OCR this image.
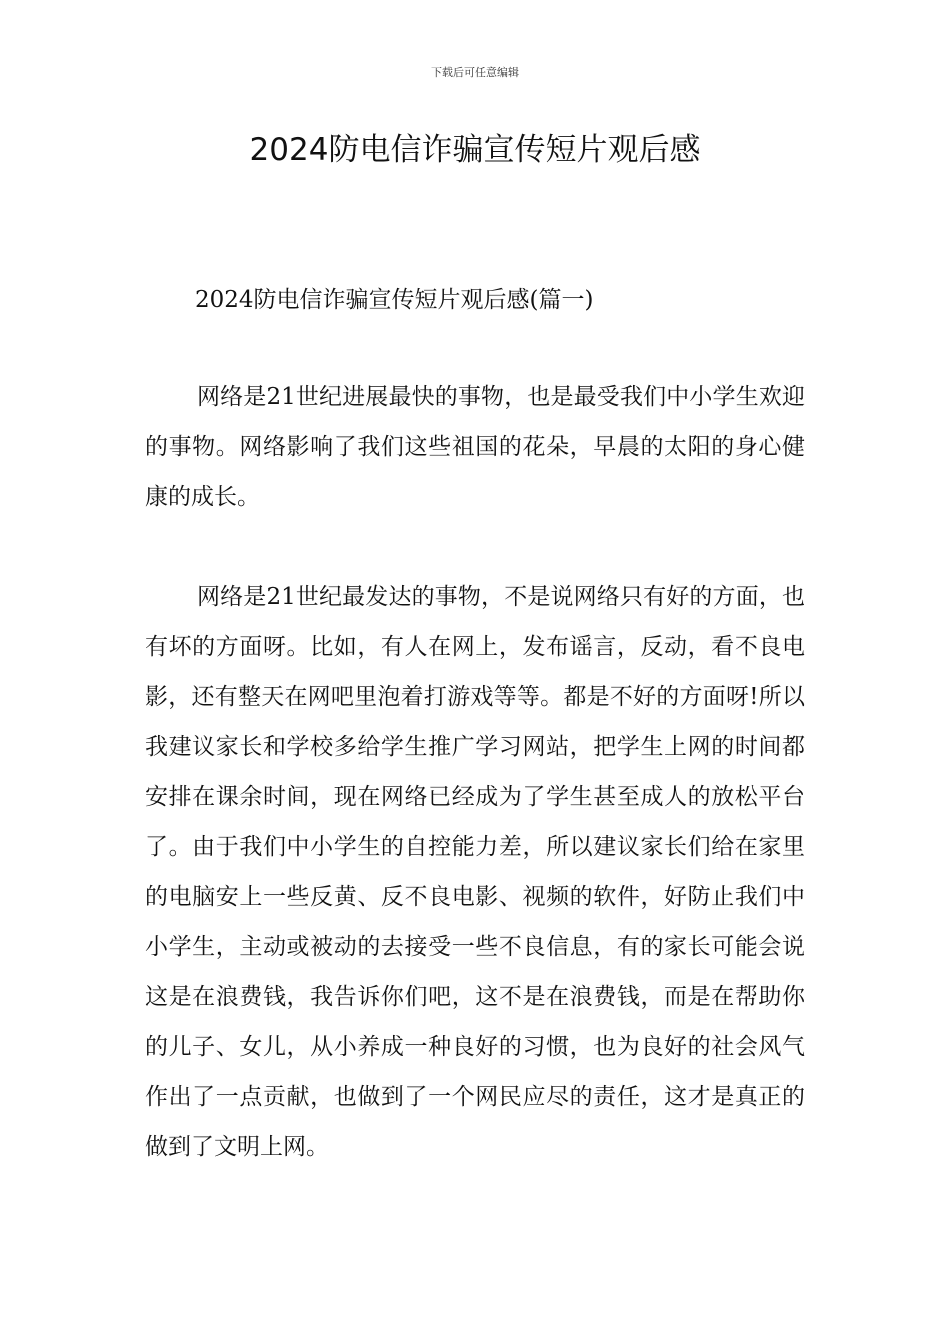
下载后可任意编辑
2024防电信诈骗宣传短片观后感
2024防电信诈骗宣传短片观后感(篇一)

网络是21世纪进展最快的事物，也是最受我们中小学生欢迎的事物。网络影响了我们这些祖国的花朵，早晨的太阳的身心健康的成长。

网络是21世纪最发达的事物，不是说网络只有好的方面，也有坏的方面呀。比如，有人在网上，发布谣言，反动，看不良电影，还有整天在网吧里泡着打游戏等等。都是不好的方面呀!所以我建议家长和学校多给学生推广学习网站，把学生上网的时间都安排在课余时间，现在网络已经成为了学生甚至成人的放松平台了。由于我们中小学生的自控能力差，所以建议家长们给在家里的电脑安上一些反黄、反不良电影、视频的软件，好防止我们中小学生，主动或被动的去接受一些不良信息，有的家长可能会说这是在浪费钱，我告诉你们吧，这不是在浪费钱，而是在帮助你的儿子、女儿，从小养成一种良好的习惯，也为良好的社会风气作出了一点贡献，也做到了一个网民应尽的责任，这才是真正的做到了文明上网。
